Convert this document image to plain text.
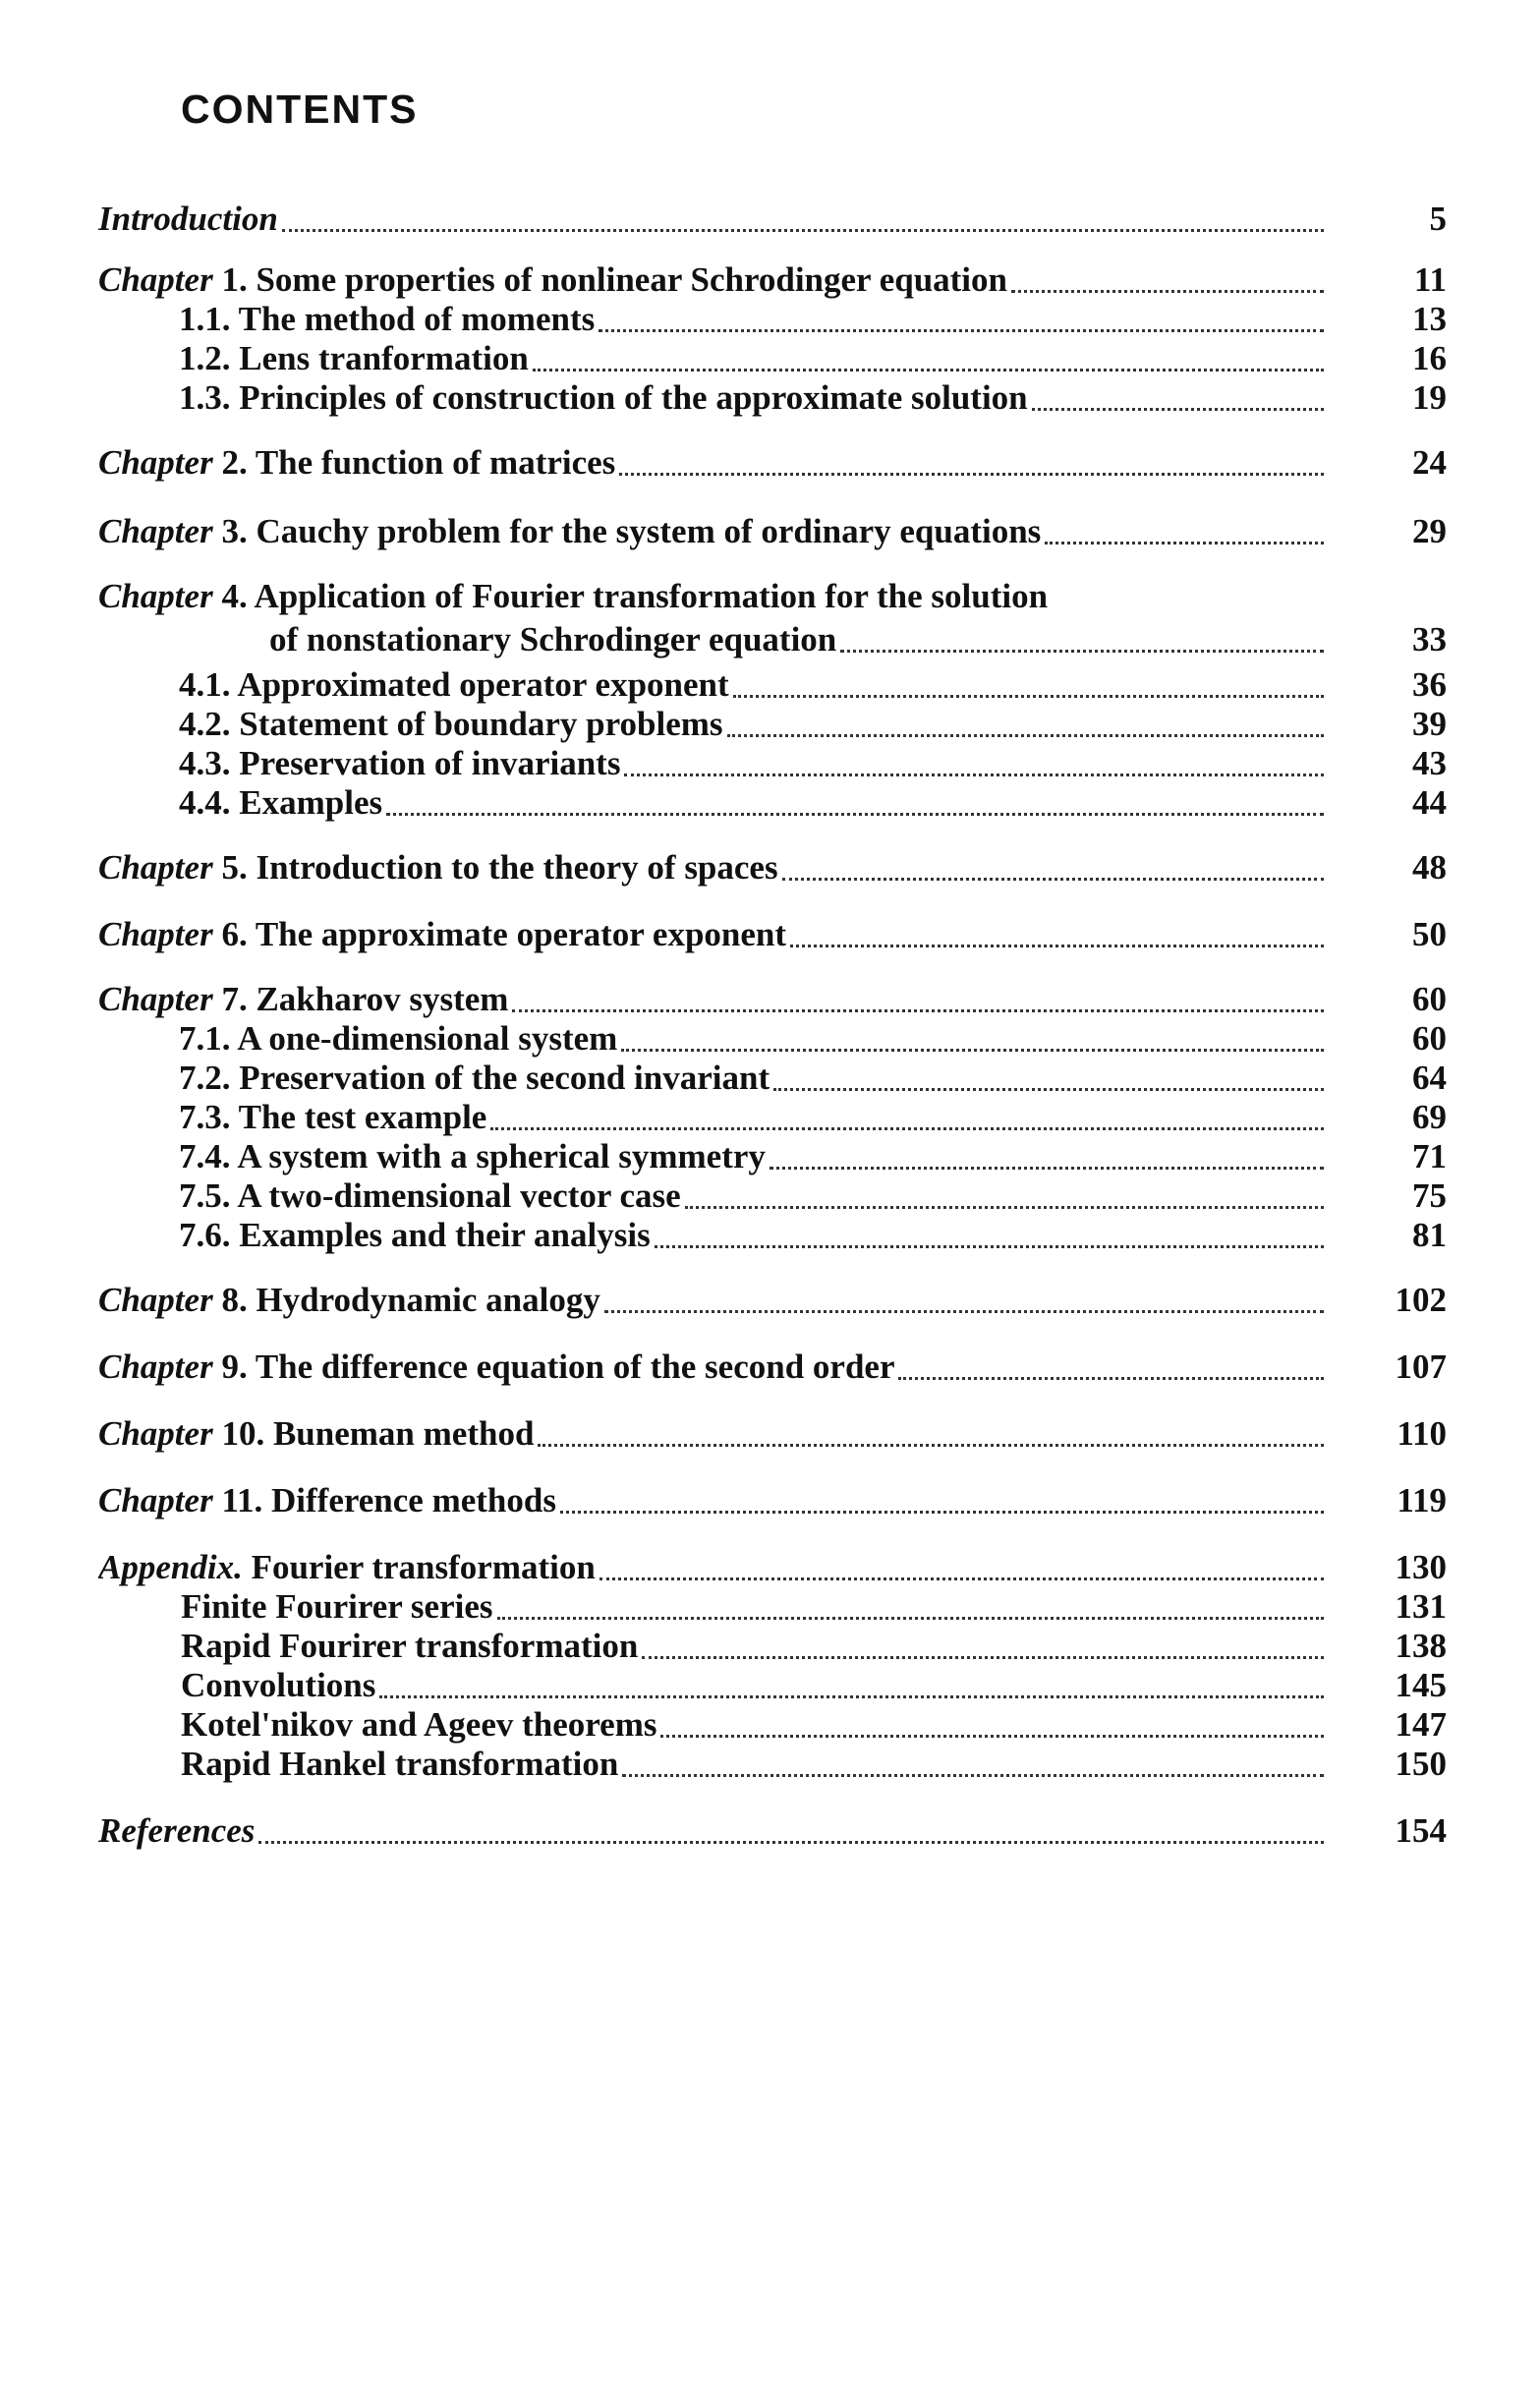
CONTENTS
Introduction	5
Chapter 1. Some properties of nonlinear Schrodinger equation	11
1.1. The method of moments	13
1.2. Lens tranformation	16
1.3. Principles of construction of the approximate solution	19
Chapter 2. The function of matrices	24
Chapter 3. Cauchy problem for the system of ordinary equations	29
Chapter 4. Application of Fourier transformation for the solution
of nonstationary Schrodinger equation	33
4.1. Approximated operator exponent	36
4.2. Statement of boundary problems	39
4.3. Preservation of invariants	43
4.4. Examples	44
Chapter 5. Introduction to the theory of spaces	48
Chapter 6. The approximate operator exponent	50
Chapter 7. Zakharov system	60
7.1. A one-dimensional system	60
7.2. Preservation of the second invariant	64
7.3. The test example	69
7.4. A system with a spherical symmetry	71
7.5. A two-dimensional vector case	75
7.6. Examples and their analysis	81
Chapter 8. Hydrodynamic analogy	102
Chapter 9. The difference equation of the second order	107
Chapter 10. Buneman method	110
Chapter 11. Difference methods	119
Appendix. Fourier transformation	130
Finite Fourirer series	131
Rapid Fourirer transformation	138
Convolutions	145
Kotel'nikov and Ageev theorems	147
Rapid Hankel transformation	150
References	154
